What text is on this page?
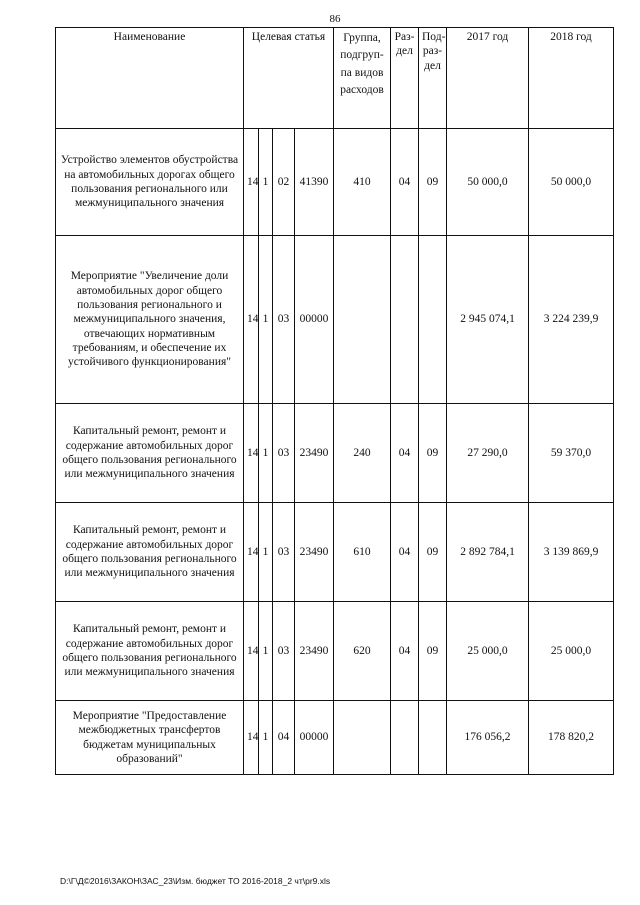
86
Наименование	Целевая статья				Группа, подгруп-па видов расходов	Раз-дел	Под-раз-дел	2017 год	2018 год
Устройство элементов обустройства на автомобильных дорогах общего пользования регионального или межмуниципального значения	14	1	02	41390	410	04	09	50 000,0	50 000,0
Мероприятие "Увеличение доли автомобильных дорог общего пользования регионального и межмуниципального значения, отвечающих нормативным требованиям, и обеспечение их устойчивого функционирования"	14	1	03	00000				2 945 074,1	3 224 239,9
Капитальный ремонт, ремонт и содержание автомобильных дорог общего пользования регионального или межмуниципального значения	14	1	03	23490	240	04	09	27 290,0	59 370,0
Капитальный ремонт, ремонт и содержание автомобильных дорог общего пользования регионального или межмуниципального значения	14	1	03	23490	610	04	09	2 892 784,1	3 139 869,9
Капитальный ремонт, ремонт и содержание автомобильных дорог общего пользования регионального или межмуниципального значения	14	1	03	23490	620	04	09	25 000,0	25 000,0
Мероприятие "Предоставление межбюджетных трансфертов бюджетам муниципальных образований"	14	1	04	00000				176 056,2	178 820,2
D:\Г\Д©2016\ЗАКОН\ЗАС_23\Изм. бюджет ТО 2016-2018_2 чт\pr9.xls
